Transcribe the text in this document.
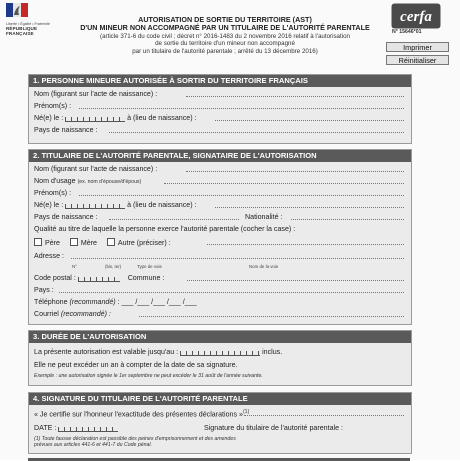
Liberté • Égalité • Fraternité
RÉPUBLIQUE FRANÇAISE
AUTORISATION DE SORTIE DU TERRITOIRE (AST)
D'UN MINEUR NON ACCOMPAGNÉ PAR UN TITULAIRE DE L'AUTORITÉ PARENTALE
(article 371-6 du code civil ; décret n° 2016-1483 du 2 novembre 2016 relatif à l'autorisation
de sortie du territoire d'un mineur non accompagné
par un titulaire de l'autorité parentale ; arrêté du 13 décembre 2016)
cerfa
N° 15646*01
Imprimer
Réinitialiser
1. PERSONNE MINEURE AUTORISÉE À SORTIR DU TERRITOIRE FRANÇAIS
Nom (figurant sur l'acte de naissance) :
Prénom(s) :
Né(e) le :	à (lieu de naissance) :
Pays de naissance :
2. TITULAIRE DE L'AUTORITÉ PARENTALE, SIGNATAIRE DE L'AUTORISATION
Nom (figurant sur l'acte de naissance) :
Nom d'usage (ex. nom d'épouse/d'époux)
Prénom(s) :
Né(e) le :	à (lieu de naissance) :
Pays de naissance :	Nationalité :
Qualité au titre de laquelle la personne exerce l'autorité parentale (cocher la case) :
Père	Mère	Autre (préciser) :
Adresse :
N°	(bis, ter)	Type de voie	Nom de la voie
Code postal :	Commune :
Pays :
Téléphone (recommandé) : ___ /___ /___ /___ /___
Courriel (recommandé) :
3. DURÉE DE L'AUTORISATION
La présente autorisation est valable jusqu'au :	inclus.
Elle ne peut excéder un an à compter de la date de sa signature.
Exemple : une autorisation signée le 1er septembre ne peut excéder le 31 août de l'année suivante.
4. SIGNATURE DU TITULAIRE DE L'AUTORITÉ PARENTALE
« Je certifie sur l'honneur l'exactitude des présentes déclarations »$^{(1)}$
DATE :	Signature du titulaire de l'autorité parentale :
(1) Toute fausse déclaration est passible des peines d'emprisonnement et des amendes
prévues aux articles 441-6 et 441-7 du Code pénal.
